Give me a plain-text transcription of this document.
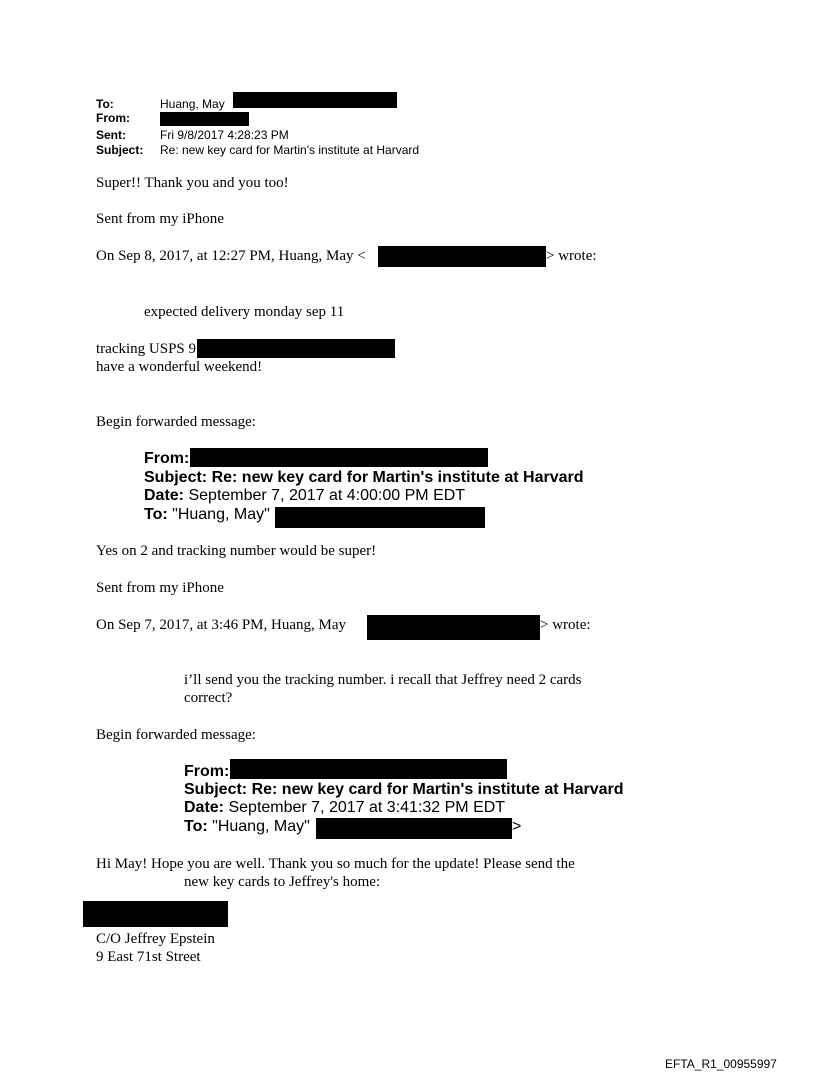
To:	Huang, May
From:
Sent:	Fri 9/8/2017 4:28:23 PM
Subject: Re: new key card for Martin's institute at Harvard
Super!! Thank you and you too!
Sent from my iPhone
On Sep 8, 2017, at 12:27 PM, Huang, May <	> wrote:
expected delivery monday sep 11
tracking USPS 9
have a wonderful weekend!
Begin forwarded message:
From:
Subject: Re: new key card for Martin's institute at Harvard
Date: September 7, 2017 at 4:00:00 PM EDT
To: "Huang, May"
Yes on 2 and tracking number would be super!
Sent from my iPhone
On Sep 7, 2017, at 3:46 PM, Huang, May	> wrote:
i’ll send you the tracking number. i recall that Jeffrey need 2 cards
correct?
Begin forwarded message:
From:
Subject: Re: new key card for Martin's institute at Harvard
Date: September 7, 2017 at 3:41:32 PM EDT
To: "Huang, May"	>
Hi May! Hope you are well. Thank you so much for the update! Please send the
new key cards to Jeffrey's home:
C/O Jeffrey Epstein
9 East 71st Street
EFTA_R1_00955997
